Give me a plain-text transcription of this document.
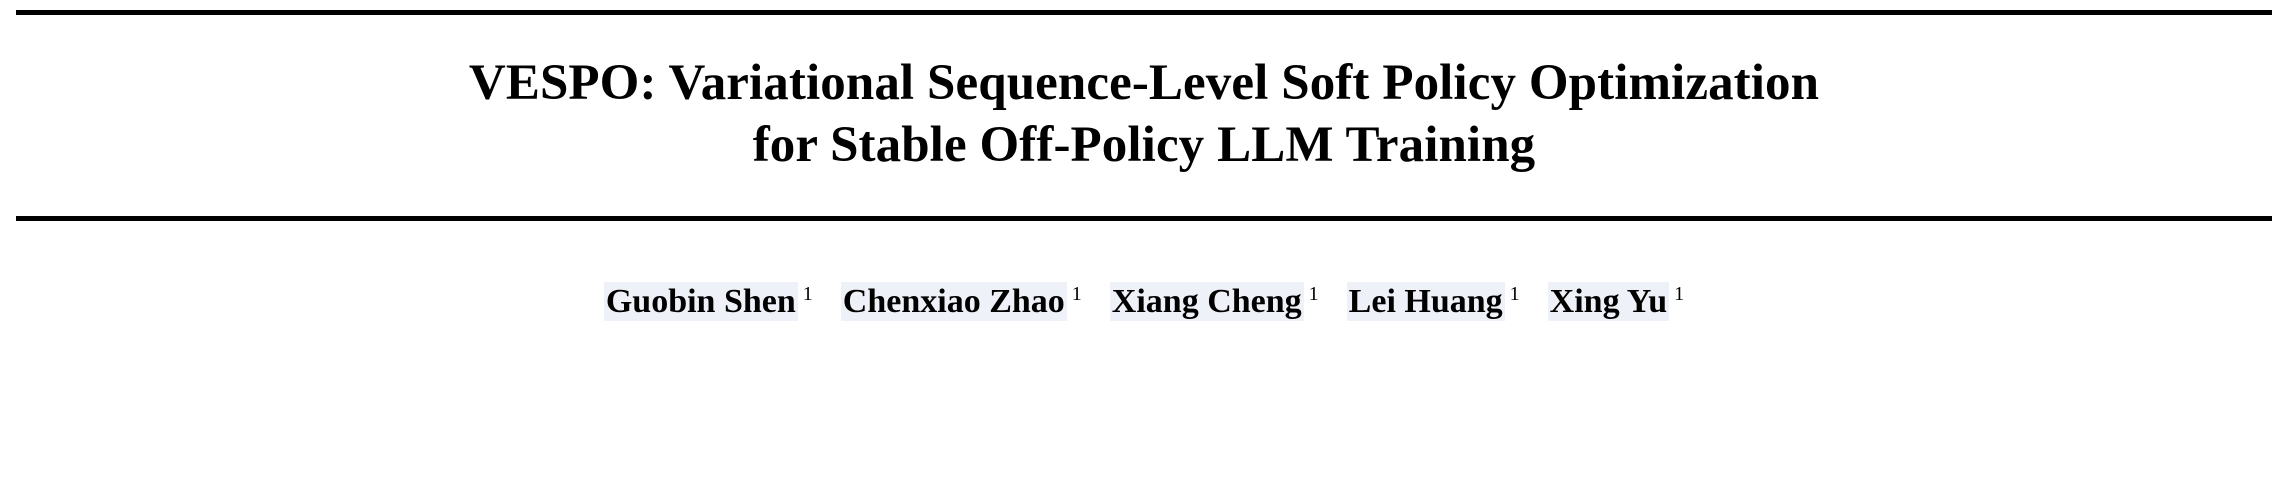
VESPO: Variational Sequence-Level Soft Policy Optimization
for Stable Off-Policy LLM Training
Guobin Shen $^1$ Chenxiao Zhao $^1$ Xiang Cheng $^1$ Lei Huang $^1$ Xing Yu $^1$
